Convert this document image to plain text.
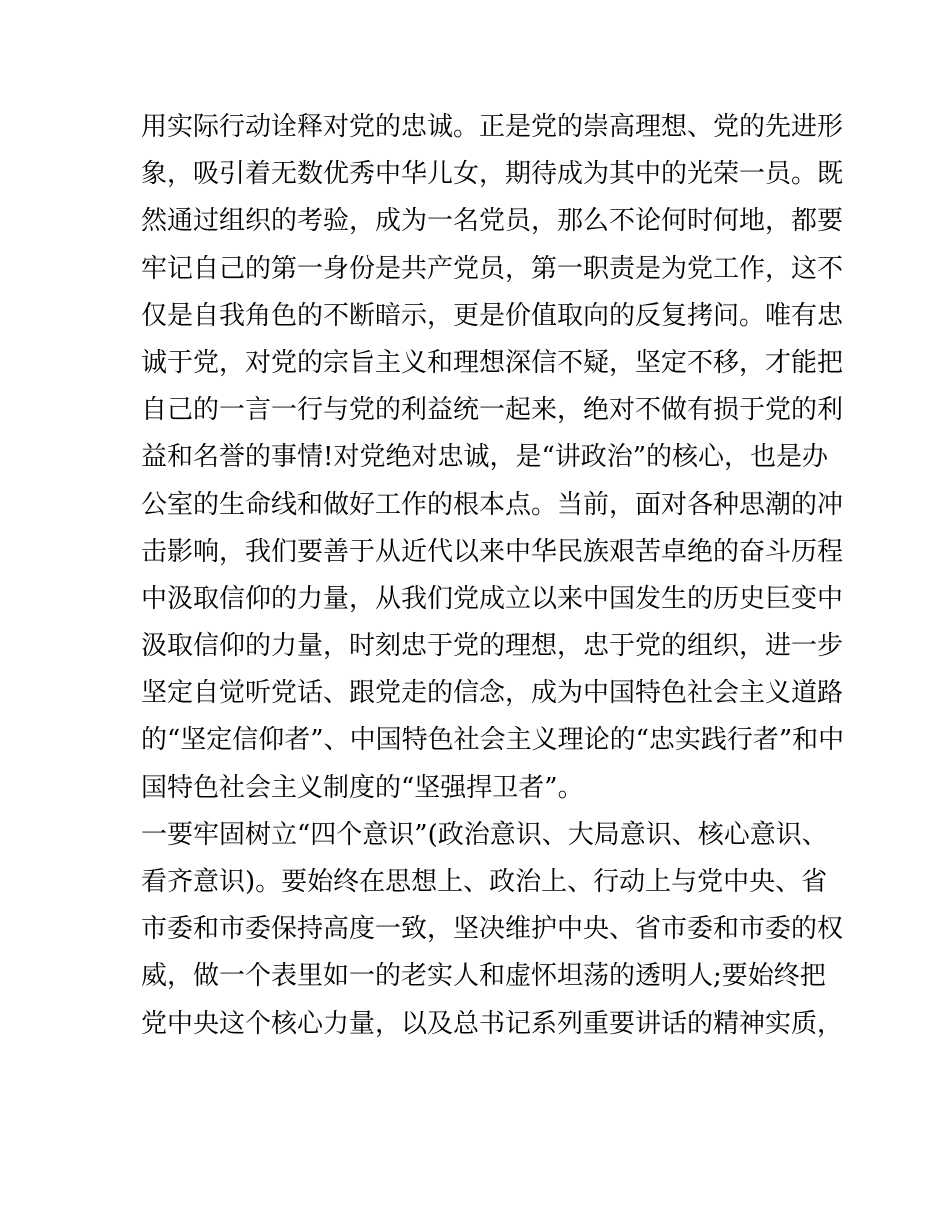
用实际行动诠释对党的忠诚。正是党的崇高理想、党的先进形
象，吸引着无数优秀中华儿女，期待成为其中的光荣一员。既
然通过组织的考验，成为一名党员，那么不论何时何地，都要
牢记自己的第一身份是共产党员，第一职责是为党工作，这不
仅是自我角色的不断暗示，更是价值取向的反复拷问。唯有忠
诚于党，对党的宗旨主义和理想深信不疑，坚定不移，才能把
自己的一言一行与党的利益统一起来，绝对不做有损于党的利
益和名誉的事情!对党绝对忠诚，是“讲政治”的核心，也是办
公室的生命线和做好工作的根本点。当前，面对各种思潮的冲
击影响，我们要善于从近代以来中华民族艰苦卓绝的奋斗历程
中汲取信仰的力量，从我们党成立以来中国发生的历史巨变中
汲取信仰的力量，时刻忠于党的理想，忠于党的组织，进一步
坚定自觉听党话、跟党走的信念，成为中国特色社会主义道路
的“坚定信仰者”、中国特色社会主义理论的“忠实践行者”和中
国特色社会主义制度的“坚强捍卫者”。
一要牢固树立“四个意识”(政治意识、大局意识、核心意识、
看齐意识)。要始终在思想上、政治上、行动上与党中央、省
市委和市委保持高度一致，坚决维护中央、省市委和市委的权
威，做一个表里如一的老实人和虚怀坦荡的透明人;要始终把
党中央这个核心力量，以及总书记系列重要讲话的精神实质，
